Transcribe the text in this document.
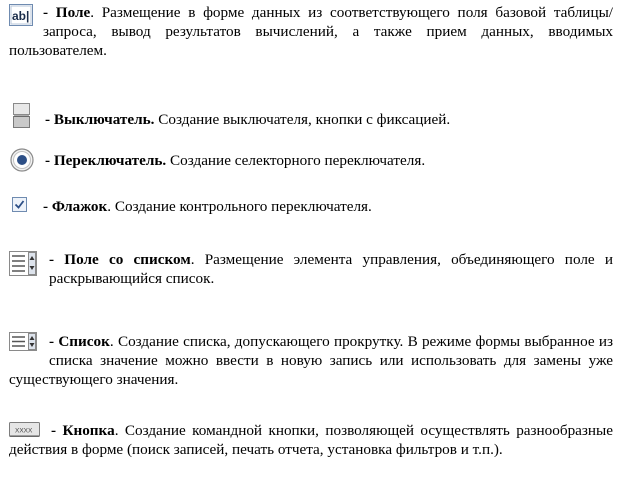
ab| - Поле. Размещение в форме данных из соответствующего поля базовой таблицы/запроса, вывод результатов вычислений, а также прием данных, вводимых пользователем.
- Выключатель. Создание выключателя, кнопки с фиксацией.
- Переключатель. Создание селекторного переключателя.
- Флажок. Создание контрольного переключателя.
- Поле со списком. Размещение элемента управления, объединяющего поле и раскрывающийся список.
- Список. Создание списка, допускающего прокрутку. В режиме формы выбранное из списка значение можно ввести в новую запись или использовать для замены уже существующего значения.
XXXX - Кнопка. Создание командной кнопки, позволяющей осуществлять разнообразные действия в форме (поиск записей, печать отчета, установка фильтров и т.п.).
